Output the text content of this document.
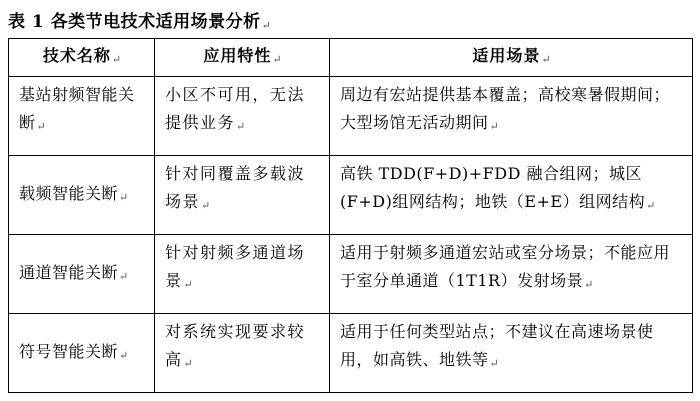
表 1 各类节电技术适用场景分析↵
技术名称↵	应用特性↵	适用场景↵
基站射频智能关断↵	小区不可用，无法提供业务↵	周边有宏站提供基本覆盖；高校寒暑假期间；大型场馆无活动期间↵
载频智能关断↵	针对同覆盖多载波场景↵	高铁 TDD(F+D)+FDD 融合组网；城区(F+D)组网结构；地铁（E+E）组网结构↵
通道智能关断↵	针对射频多通道场景↵	适用于射频多通道宏站或室分场景；不能应用于室分单通道（1T1R）发射场景↵
符号智能关断↵	对系统实现要求较高↵	适用于任何类型站点；不建议在高速场景使用，如高铁、地铁等↵
